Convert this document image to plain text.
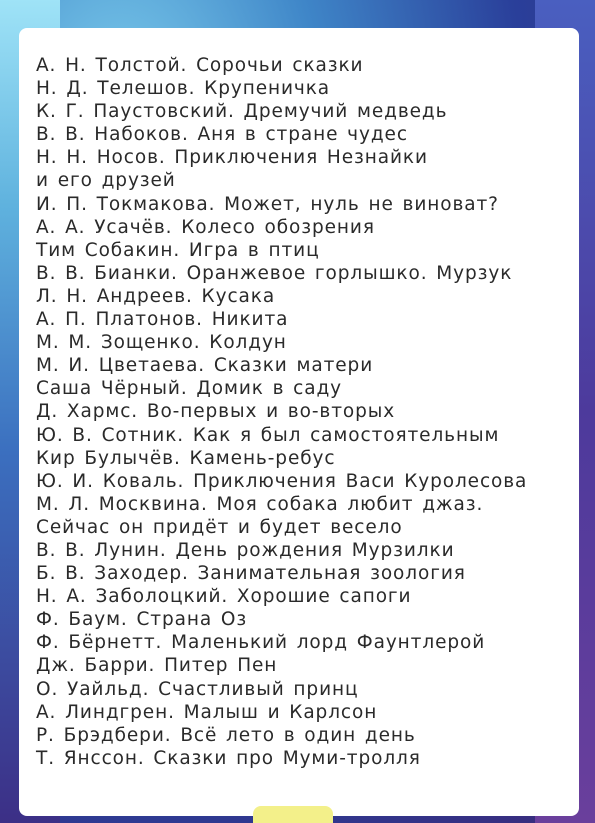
А. Н. Толстой. Сорочьи сказки
Н. Д. Телешов. Крупеничка
К. Г. Паустовский. Дремучий медведь
В. В. Набоков. Аня в стране чудес
Н. Н. Носов. Приключения Незнайки
и его друзей
И. П. Токмакова. Может, нуль не виноват?
А. А. Усачёв. Колесо обозрения
Тим Собакин. Игра в птиц
В. В. Бианки. Оранжевое горлышко. Мурзук
Л. Н. Андреев. Кусака
А. П. Платонов. Никита
М. М. Зощенко. Колдун
М. И. Цветаева. Сказки матери
Саша Чёрный. Домик в саду
Д. Хармс. Во-первых и во-вторых
Ю. В. Сотник. Как я был самостоятельным
Кир Булычёв. Камень-ребус
Ю. И. Коваль. Приключения Васи Куролесова
М. Л. Москвина. Моя собака любит джаз.
Сейчас он придёт и будет весело
В. В. Лунин. День рождения Мурзилки
Б. В. Заходер. Занимательная зоология
Н. А. Заболоцкий. Хорошие сапоги
Ф. Баум. Страна Оз
Ф. Бёрнетт. Маленький лорд Фаунтлерой
Дж. Барри. Питер Пен
О. Уайльд. Счастливый принц
А. Линдгрен. Малыш и Карлсон
Р. Брэдбери. Всё лето в один день
Т. Янссон. Сказки про Муми-тролля
